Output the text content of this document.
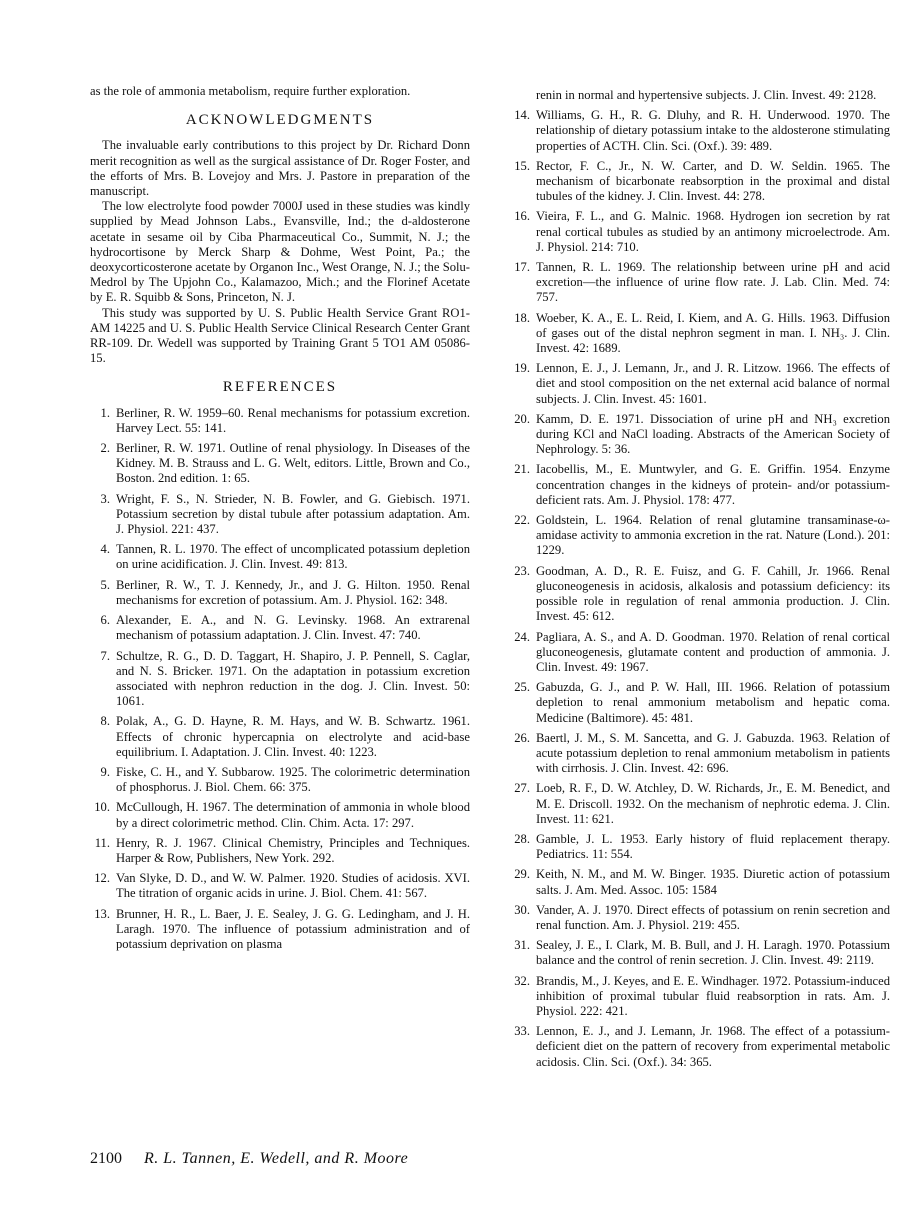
as the role of ammonia metabolism, require further exploration.

ACKNOWLEDGMENTS

The invaluable early contributions to this project by Dr. Richard Donn merit recognition as well as the surgical assistance of Dr. Roger Foster, and the efforts of Mrs. B. Lovejoy and Mrs. J. Pastore in preparation of the manuscript.

The low electrolyte food powder 7000J used in these studies was kindly supplied by Mead Johnson Labs., Evansville, Ind.; the d-aldosterone acetate in sesame oil by Ciba Pharmaceutical Co., Summit, N. J.; the hydrocortisone by Merck Sharp & Dohme, West Point, Pa.; the deoxycorticosterone acetate by Organon Inc., West Orange, N. J.; the Solu-Medrol by The Upjohn Co., Kalamazoo, Mich.; and the Florinef Acetate by E. R. Squibb & Sons, Princeton, N. J.

This study was supported by U. S. Public Health Service Grant RO1-AM 14225 and U. S. Public Health Service Clinical Research Center Grant RR-109. Dr. Wedell was supported by Training Grant 5 TO1 AM 05086-15.

REFERENCES
1. Berliner, R. W. 1959–60. Renal mechanisms for potassium excretion. Harvey Lect. 55: 141.
2. Berliner, R. W. 1971. Outline of renal physiology. In Diseases of the Kidney. M. B. Strauss and L. G. Welt, editors. Little, Brown and Co., Boston. 2nd edition. 1: 65.
3. Wright, F. S., N. Strieder, N. B. Fowler, and G. Giebisch. 1971. Potassium secretion by distal tubule after potassium adaptation. Am. J. Physiol. 221: 437.
4. Tannen, R. L. 1970. The effect of uncomplicated potassium depletion on urine acidification. J. Clin. Invest. 49: 813.
5. Berliner, R. W., T. J. Kennedy, Jr., and J. G. Hilton. 1950. Renal mechanisms for excretion of potassium. Am. J. Physiol. 162: 348.
6. Alexander, E. A., and N. G. Levinsky. 1968. An extrarenal mechanism of potassium adaptation. J. Clin. Invest. 47: 740.
7. Schultze, R. G., D. D. Taggart, H. Shapiro, J. P. Pennell, S. Caglar, and N. S. Bricker. 1971. On the adaptation in potassium excretion associated with nephron reduction in the dog. J. Clin. Invest. 50: 1061.
8. Polak, A., G. D. Hayne, R. M. Hays, and W. B. Schwartz. 1961. Effects of chronic hypercapnia on electrolyte and acid-base equilibrium. I. Adaptation. J. Clin. Invest. 40: 1223.
9. Fiske, C. H., and Y. Subbarow. 1925. The colorimetric determination of phosphorus. J. Biol. Chem. 66: 375.
10. McCullough, H. 1967. The determination of ammonia in whole blood by a direct colorimetric method. Clin. Chim. Acta. 17: 297.
11. Henry, R. J. 1967. Clinical Chemistry, Principles and Techniques. Harper & Row, Publishers, New York. 292.
12. Van Slyke, D. D., and W. W. Palmer. 1920. Studies of acidosis. XVI. The titration of organic acids in urine. J. Biol. Chem. 41: 567.
13. Brunner, H. R., L. Baer, J. E. Sealey, J. G. G. Ledingham, and J. H. Laragh. 1970. The influence of potassium administration and of potassium deprivation on plasma

renin in normal and hypertensive subjects. J. Clin. Invest. 49: 2128.

14. Williams, G. H., R. G. Dluhy, and R. H. Underwood. 1970. The relationship of dietary potassium intake to the aldosterone stimulating properties of ACTH. Clin. Sci. (Oxf.). 39: 489.
15. Rector, F. C., Jr., N. W. Carter, and D. W. Seldin. 1965. The mechanism of bicarbonate reabsorption in the proximal and distal tubules of the kidney. J. Clin. Invest. 44: 278.
16. Vieira, F. L., and G. Malnic. 1968. Hydrogen ion secretion by rat renal cortical tubules as studied by an antimony microelectrode. Am. J. Physiol. 214: 710.
17. Tannen, R. L. 1969. The relationship between urine pH and acid excretion—the influence of urine flow rate. J. Lab. Clin. Med. 74: 757.
18. Woeber, K. A., E. L. Reid, I. Kiem, and A. G. Hills. 1963. Diffusion of gases out of the distal nephron segment in man. I. NH₃. J. Clin. Invest. 42: 1689.
19. Lennon, E. J., J. Lemann, Jr., and J. R. Litzow. 1966. The effects of diet and stool composition on the net external acid balance of normal subjects. J. Clin. Invest. 45: 1601.
20. Kamm, D. E. 1971. Dissociation of urine pH and NH₃ excretion during KCl and NaCl loading. Abstracts of the American Society of Nephrology. 5: 36.
21. Iacobellis, M., E. Muntwyler, and G. E. Griffin. 1954. Enzyme concentration changes in the kidneys of protein- and/or potassium-deficient rats. Am. J. Physiol. 178: 477.
22. Goldstein, L. 1964. Relation of renal glutamine transaminase-ω-amidase activity to ammonia excretion in the rat. Nature (Lond.). 201: 1229.
23. Goodman, A. D., R. E. Fuisz, and G. F. Cahill, Jr. 1966. Renal gluconeogenesis in acidosis, alkalosis and potassium deficiency: its possible role in regulation of renal ammonia production. J. Clin. Invest. 45: 612.
24. Pagliara, A. S., and A. D. Goodman. 1970. Relation of renal cortical gluconeogenesis, glutamate content and production of ammonia. J. Clin. Invest. 49: 1967.
25. Gabuzda, G. J., and P. W. Hall, III. 1966. Relation of potassium depletion to renal ammonium metabolism and hepatic coma. Medicine (Baltimore). 45: 481.
26. Baertl, J. M., S. M. Sancetta, and G. J. Gabuzda. 1963. Relation of acute potassium depletion to renal ammonium metabolism in patients with cirrhosis. J. Clin. Invest. 42: 696.
27. Loeb, R. F., D. W. Atchley, D. W. Richards, Jr., E. M. Benedict, and M. E. Driscoll. 1932. On the mechanism of nephrotic edema. J. Clin. Invest. 11: 621.
28. Gamble, J. L. 1953. Early history of fluid replacement therapy. Pediatrics. 11: 554.
29. Keith, N. M., and M. W. Binger. 1935. Diuretic action of potassium salts. J. Am. Med. Assoc. 105: 1584
30. Vander, A. J. 1970. Direct effects of potassium on renin secretion and renal function. Am. J. Physiol. 219: 455.
31. Sealey, J. E., I. Clark, M. B. Bull, and J. H. Laragh. 1970. Potassium balance and the control of renin secretion. J. Clin. Invest. 49: 2119.
32. Brandis, M., J. Keyes, and E. E. Windhager. 1972. Potassium-induced inhibition of proximal tubular fluid reabsorption in rats. Am. J. Physiol. 222: 421.
33. Lennon, E. J., and J. Lemann, Jr. 1968. The effect of a potassium-deficient diet on the pattern of recovery from experimental metabolic acidosis. Clin. Sci. (Oxf.). 34: 365.
2100 R. L. Tannen, E. Wedell, and R. Moore
